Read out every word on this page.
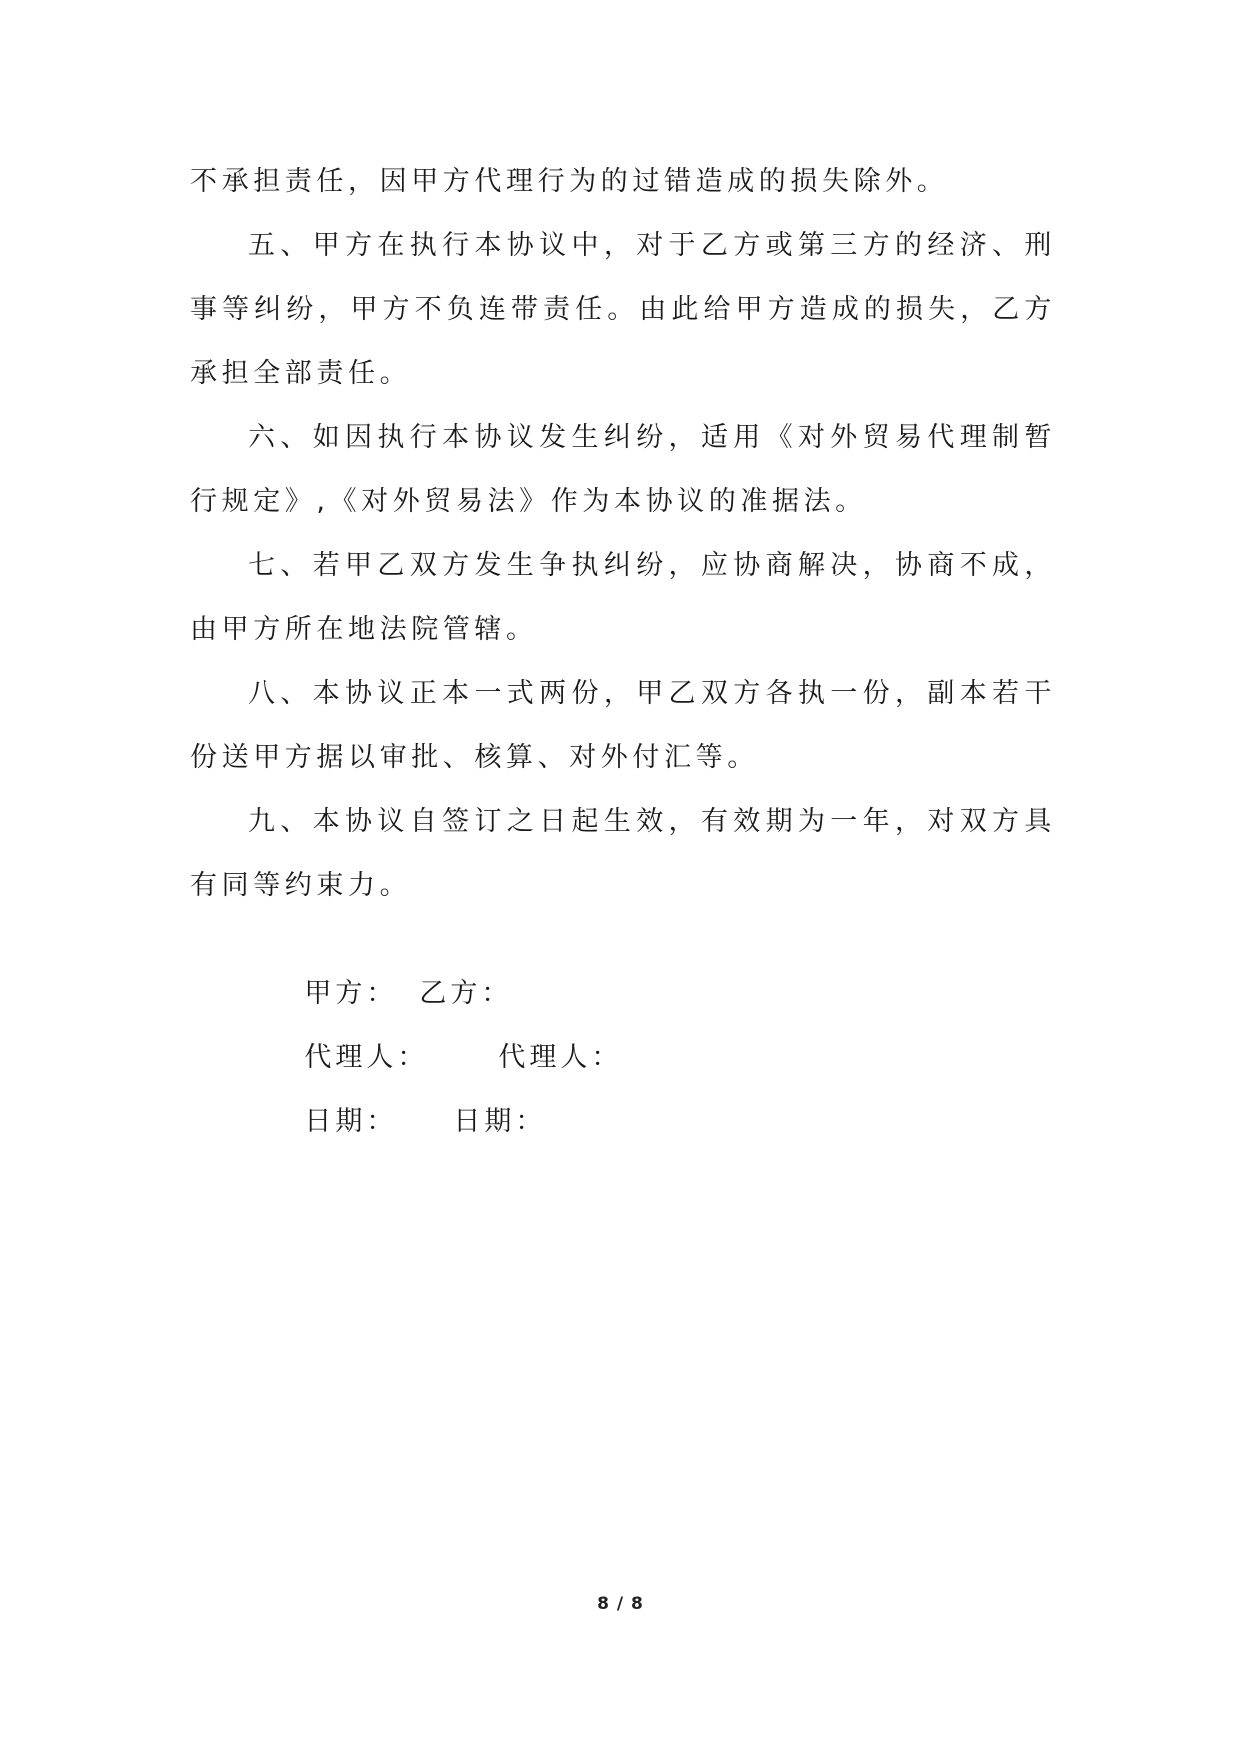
不承担责任，因甲方代理行为的过错造成的损失除外。

五、甲方在执行本协议中，对于乙方或第三方的经济、刑事等纠纷，甲方不负连带责任。由此给甲方造成的损失，乙方承担全部责任。

六、如因执行本协议发生纠纷，适用《对外贸易代理制暂行规定》,《对外贸易法》作为本协议的准据法。

七、若甲乙双方发生争执纠纷，应协商解决，协商不成，由甲方所在地法院管辖。

八、本协议正本一式两份，甲乙双方各执一份，副本若干份送甲方据以审批、核算、对外付汇等。

九、本协议自签订之日起生效，有效期为一年，对双方具有同等约束力。

甲方： 乙方：

代理人：	代理人：

日期： 日期：

8 / 8
